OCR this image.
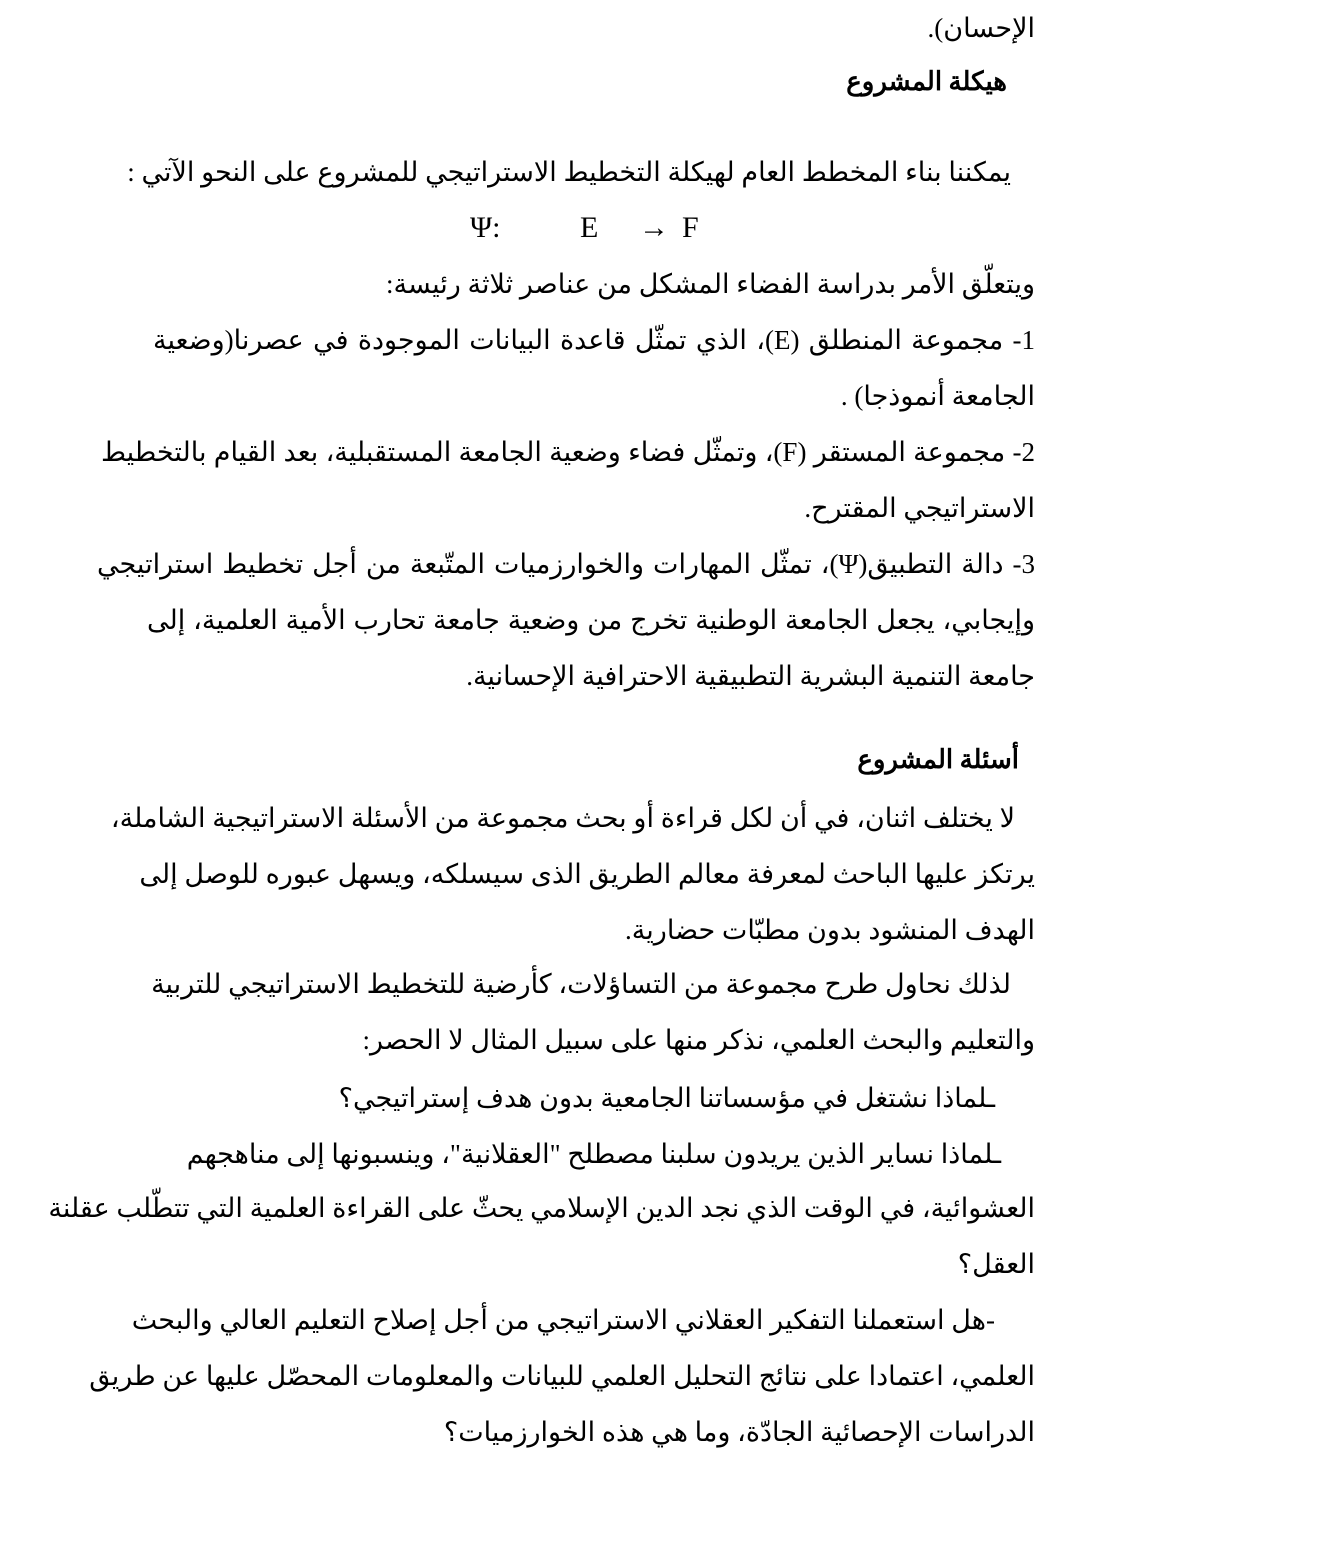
الإحسان).
هيكلة المشروع
يمكننا بناء المخطط العام لهيكلة التخطيط الاستراتيجي للمشروع على النحو الآتي :
Ψ:	E → F
ويتعلّق الأمر بدراسة الفضاء المشكل من عناصر ثلاثة رئيسة:
1- مجموعة المنطلق (E)، الذي تمثّل قاعدة البيانات الموجودة في عصرنا(وضعية
الجامعة أنموذجا) .
2- مجموعة المستقر (F)، وتمثّل فضاء وضعية الجامعة المستقبلية، بعد القيام بالتخطيط
الاستراتيجي المقترح.
3- دالة التطبيق(Ψ)، تمثّل المهارات والخوارزميات المتّبعة من أجل تخطيط استراتيجي
وإيجابي، يجعل الجامعة الوطنية تخرج من وضعية جامعة تحارب الأمية العلمية، إلى
جامعة التنمية البشرية التطبيقية الاحترافية الإحسانية.
أسئلة المشروع
لا يختلف اثنان، في أن لكل قراءة أو بحث مجموعة من الأسئلة الاستراتيجية الشاملة،
يرتكز عليها الباحث لمعرفة معالم الطريق الذى سيسلكه، ويسهل عبوره للوصل إلى
الهدف المنشود بدون مطبّات حضارية.
لذلك نحاول طرح مجموعة من التساؤلات، كأرضية للتخطيط الاستراتيجي للتربية
والتعليم والبحث العلمي، نذكر منها على سبيل المثال لا الحصر:
ـلماذا نشتغل في مؤسساتنا الجامعية بدون هدف إستراتيجي؟
ـلماذا نساير الذين يريدون سلبنا مصطلح "العقلانية"، وينسبونها إلى مناهجهم
العشوائية، في الوقت الذي نجد الدين الإسلامي يحثّ على القراءة العلمية التي تتطّلب عقلنة
العقل؟
-هل استعملنا التفكير العقلاني الاستراتيجي من أجل إصلاح التعليم العالي والبحث
العلمي، اعتمادا على نتائج التحليل العلمي للبيانات والمعلومات المحصّل عليها عن طريق
الدراسات الإحصائية الجادّة، وما هي هذه الخوارزميات؟
